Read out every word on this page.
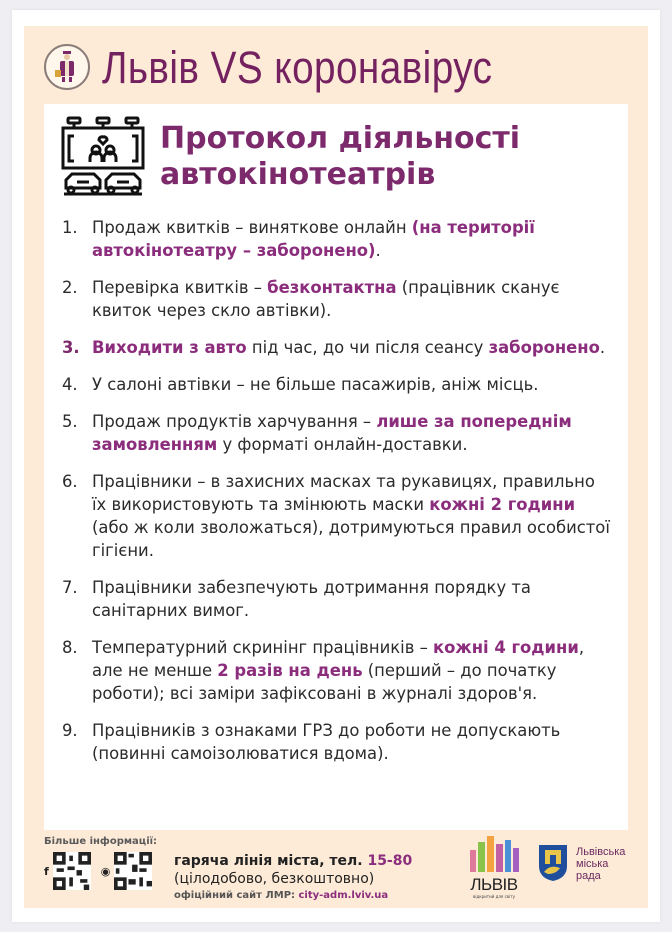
Львів VS коронавірус
Протокол діяльності
автокінотеатрів
1. Продаж квитків – виняткове онлайн (на території автокінотеатру – заборонено).
2. Перевірка квитків – безконтактна (працівник сканує квиток через скло автівки).
3. Виходити з авто під час, до чи після сеансу заборонено.
4. У салоні автівки – не більше пасажирів, аніж місць.
5. Продаж продуктів харчування – лише за попереднім замовленням у форматі онлайн-доставки.
6. Працівники – в захисних масках та рукавицях, правильно їх використовують та змінюють маски кожні 2 години (або ж коли зволожаться), дотримуються правил особистої гігієни.
7. Працівники забезпечують дотримання порядку та санітарних вимог.
8. Температурний скринінг працівників – кожні 4 години, але не менше 2 разів на день (перший – до початку роботи); всі заміри зафіксовані в журналі здоров'я.
9. Працівників з ознаками ГРЗ до роботи не допускають (повинні самоізолюватися вдома).
Більше інформації:
f	◉
гаряча лінія міста, тел. 15-80
(цілодобово, безкоштовно)
офіційний сайт ЛМР: city-adm.lviv.ua
ЛЬВІВ
відкритий для світу
Львівська
міська
рада
